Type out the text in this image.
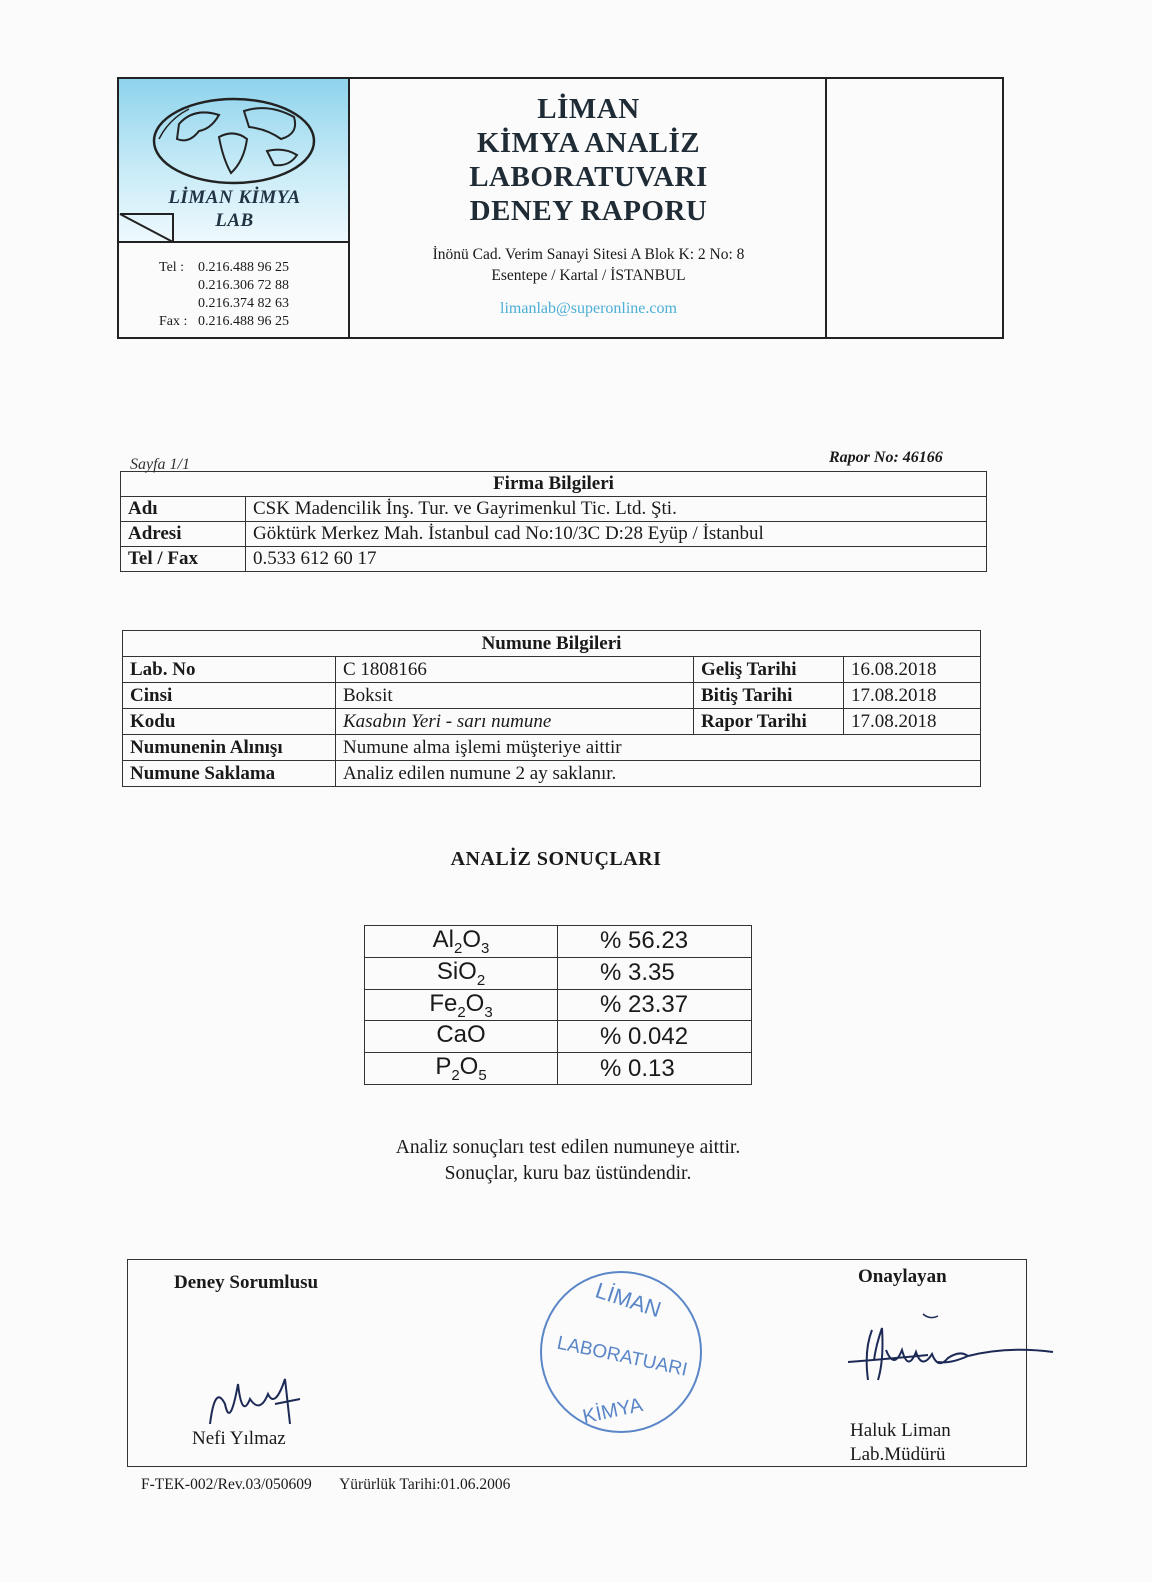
LİMAN KİMYA
LAB
Tel : 0.216.488 96 25
0.216.306 72 88
0.216.374 82 63
Fax : 0.216.488 96 25
LİMAN
KİMYA ANALİZ
LABORATUVARI
DENEY RAPORU
İnönü Cad. Verim Sanayi Sitesi A Blok K: 2 No: 8
Esentepe / Kartal / İSTANBUL
limanlab@superonline.com
Sayfa 1/1	Rapor No: 46166
Firma Bilgileri	
Adı	CSK Madencilik İnş. Tur. ve Gayrimenkul Tic. Ltd. Şti.
Adresi	Göktürk Merkez Mah. İstanbul cad No:10/3C D:28 Eyüp / İstanbul
Tel / Fax	0.533 612 60 17
Numune Bilgileri			
Lab. No	C 1808166	Geliş Tarihi	16.08.2018
Cinsi	Boksit	Bitiş Tarihi	17.08.2018
Kodu	Kasabın Yeri - sarı numune	Rapor Tarihi	17.08.2018
Numunenin Alınışı	Numune alma işlemi müşteriye aittir		
Numune Saklama	Analiz edilen numune 2 ay saklanır.		
ANALİZ SONUÇLARI
$Al_2O_3$	% 56.23
SiO$_2$	% 3.35
$Fe_2O_3$	% 23.37
CaO	% 0.042
$P_2O_5$	% 0.13
Analiz sonuçları test edilen numuneye aittir.
Sonuçlar, kuru baz üstündendir.
Deney Sorumlusu	Onaylayan
LİMAN
LABORATUARI
KİMYA
Nefi Yılmaz	Haluk Liman
Lab.Müdürü
F-TEK-002/Rev.03/050609 Yürürlük Tarihi:01.06.2006
